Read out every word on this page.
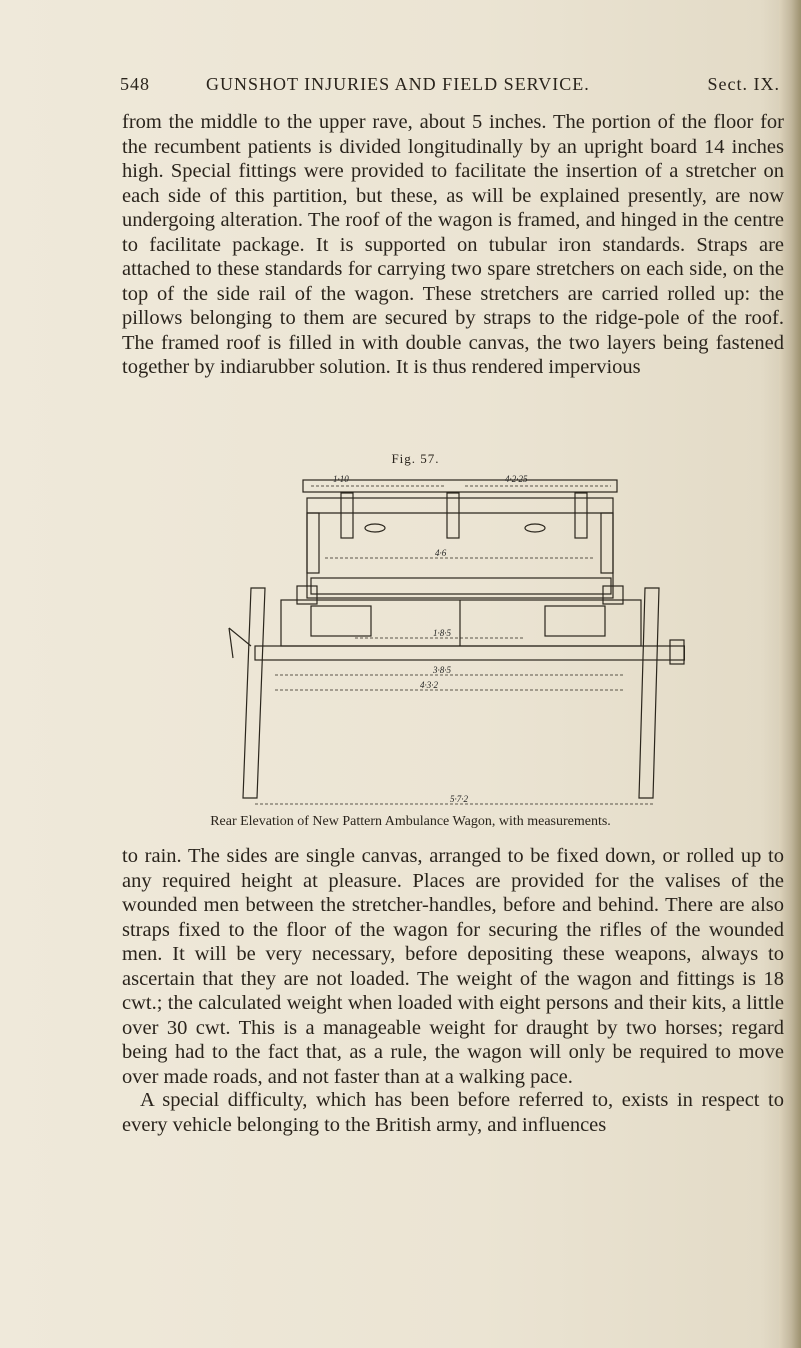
548	GUNSHOT INJURIES AND FIELD SERVICE.	Sect. IX.

from the middle to the upper rave, about 5 inches. The portion of the floor for the recumbent patients is divided longitudinally by an upright board 14 inches high. Special fittings were provided to facilitate the insertion of a stretcher on each side of this partition, but these, as will be explained presently, are now undergoing alteration. The roof of the wagon is framed, and hinged in the centre to facilitate package. It is supported on tubular iron standards. Straps are attached to these standards for carrying two spare stretchers on each side, on the top of the side rail of the wagon. These stretchers are carried rolled up: the pillows belonging to them are secured by straps to the ridge-pole of the roof. The framed roof is filled in with double canvas, the two layers being fastened together by indiarubber solution. It is thus rendered impervious

Fig. 57.
1·10	4·2·25
4·6
1·8·5
3·8·5
4·3·2
5·7·2
Rear Elevation of New Pattern Ambulance Wagon, with measurements.

to rain. The sides are single canvas, arranged to be fixed down, or rolled up to any required height at pleasure. Places are provided for the valises of the wounded men between the stretcher-handles, before and behind. There are also straps fixed to the floor of the wagon for securing the rifles of the wounded men. It will be very necessary, before depositing these weapons, always to ascertain that they are not loaded. The weight of the wagon and fittings is 18 cwt.; the calculated weight when loaded with eight persons and their kits, a little over 30 cwt. This is a manageable weight for draught by two horses; regard being had to the fact that, as a rule, the wagon will only be required to move over made roads, and not faster than at a walking pace.

A special difficulty, which has been before referred to, exists in respect to every vehicle belonging to the British army, and influences
